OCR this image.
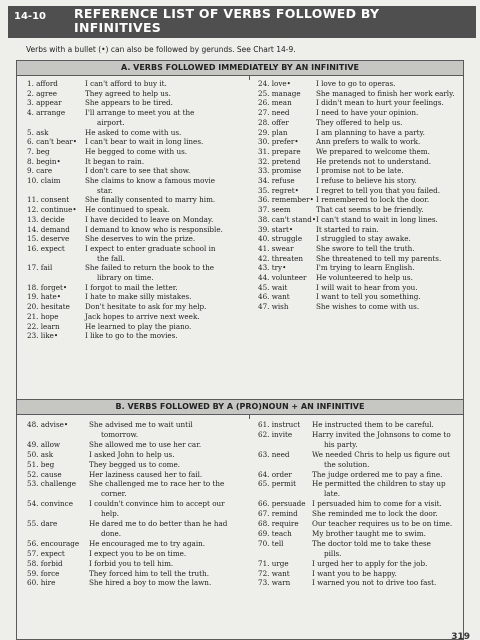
14-10 REFERENCE LIST OF VERBS FOLLOWED BY INFINITIVES
Verbs with a bullet (•) can also be followed by gerunds. See Chart 14-9.
A. VERBS FOLLOWED IMMEDIATELY BY AN INFINITIVE
1. afford	I can't afford to buy it.
2. agree	They agreed to help us.
3. appear	She appears to be tired.
4. arrange	I'll arrange to meet you at the
airport.
5. ask	He asked to come with us.
6. can't bear• I can't bear to wait in long lines.
7. beg	He begged to come with us.
8. begin•	It began to rain.
9. care	I don't care to see that show.
10. claim	She claims to know a famous movie
star.
11. consent She finally consented to marry him.
12. continue• He continued to speak.
13. decide	I have decided to leave on Monday.
14. demand I demand to know who is responsible.
15. deserve She deserves to win the prize.
16. expect	I expect to enter graduate school in
the fall.
17. fail	She failed to return the book to the
library on time.
18. forget• I forgot to mail the letter.
19. hate•	I hate to make silly mistakes.
20. hesitate Don't hesitate to ask for my help.
21. hope	Jack hopes to arrive next week.
22. learn	He learned to play the piano.
23. like•	I like to go to the movies.
24. love•	I love to go to operas.
25. manage She managed to finish her work early.
26. mean	I didn't mean to hurt your feelings.
27. need	I need to have your opinion.
28. offer	They offered to help us.
29. plan	I am planning to have a party.
30. prefer• Ann prefers to walk to work.
31. prepare We prepared to welcome them.
32. pretend He pretends not to understand.
33. promise I promise not to be late.
34. refuse	I refuse to believe his story.
35. regret• I regret to tell you that you failed.
36. remember• I remembered to lock the door.
37. seem	That cat seems to be friendly.
38. can't stand• I can't stand to wait in long lines.
39. start•	It started to rain.
40. struggle I struggled to stay awake.
41. swear	She swore to tell the truth.
42. threaten She threatened to tell my parents.
43. try•	I'm trying to learn English.
44. volunteer He volunteered to help us.
45. wait	I will wait to hear from you.
46. want	I want to tell you something.
47. wish	She wishes to come with us.
B. VERBS FOLLOWED BY A (PRO)NOUN + AN INFINITIVE
48. advise•	She advised me to wait until
tomorrow.
49. allow	She allowed me to use her car.
50. ask	I asked John to help us.
51. beg	They begged us to come.
52. cause	Her laziness caused her to fail.
53. challenge She challenged me to race her to the
corner.
54. convince I couldn't convince him to accept our
help.
55. dare	He dared me to do better than he had
done.
56. encourage He encouraged me to try again.
57. expect	I expect you to be on time.
58. forbid	I forbid you to tell him.
59. force	They forced him to tell the truth.
60. hire	She hired a boy to mow the lawn.
61. instruct He instructed them to be careful.
62. invite	Harry invited the Johnsons to come to
his party.
63. need	We needed Chris to help us figure out
the solution.
64. order	The judge ordered me to pay a fine.
65. permit He permitted the children to stay up
late.
66. persuade I persuaded him to come for a visit.
67. remind She reminded me to lock the door.
68. require Our teacher requires us to be on time.
69. teach	My brother taught me to swim.
70. tell	The doctor told me to take these
pills.
71. urge	I urged her to apply for the job.
72. want	I want you to be happy.
73. warn	I warned you not to drive too fast.
319
